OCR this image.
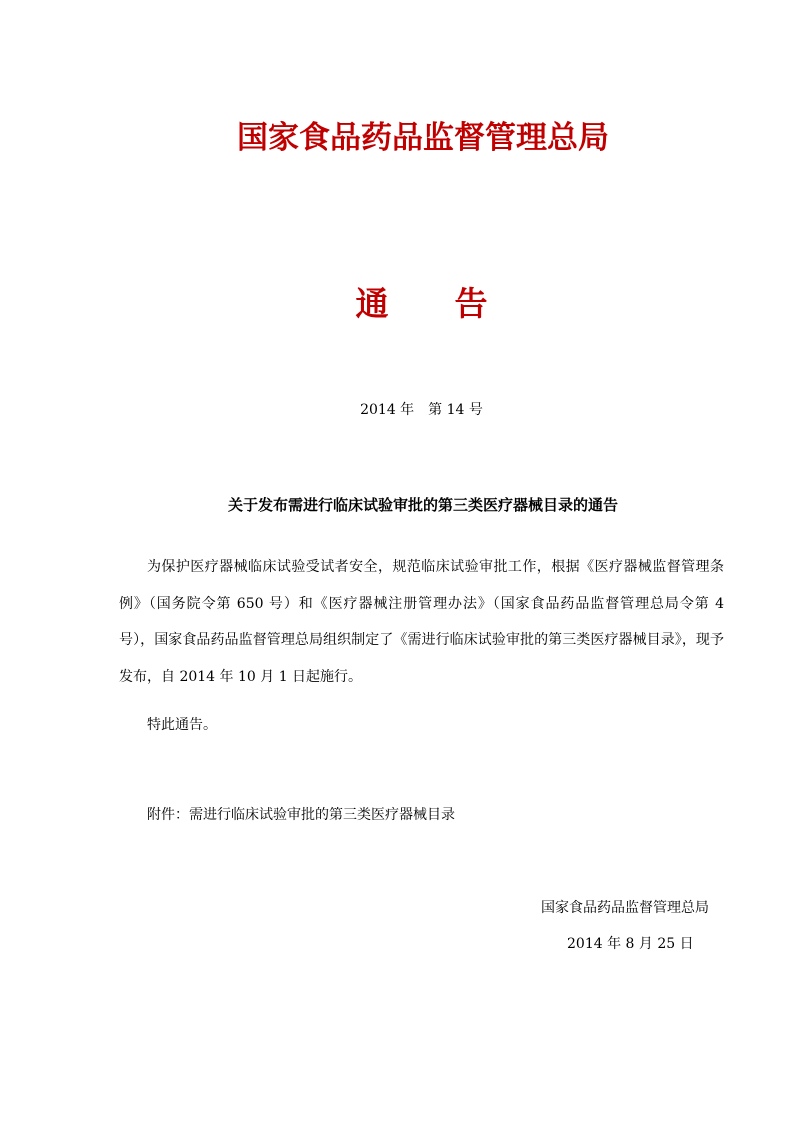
国家食品药品监督管理总局
通 告
2014 年　第 14 号
关于发布需进行临床试验审批的第三类医疗器械目录的通告
为保护医疗器械临床试验受试者安全，规范临床试验审批工作，根据《医疗器械监督管理条例》（国务院令第 650 号）和《医疗器械注册管理办法》（国家食品药品监督管理总局令第 4 号），国家食品药品监督管理总局组织制定了《需进行临床试验审批的第三类医疗器械目录》，现予发布，自 2014 年 10 月 1 日起施行。
特此通告。
附件：需进行临床试验审批的第三类医疗器械目录
国家食品药品监督管理总局
2014 年 8 月 25 日
